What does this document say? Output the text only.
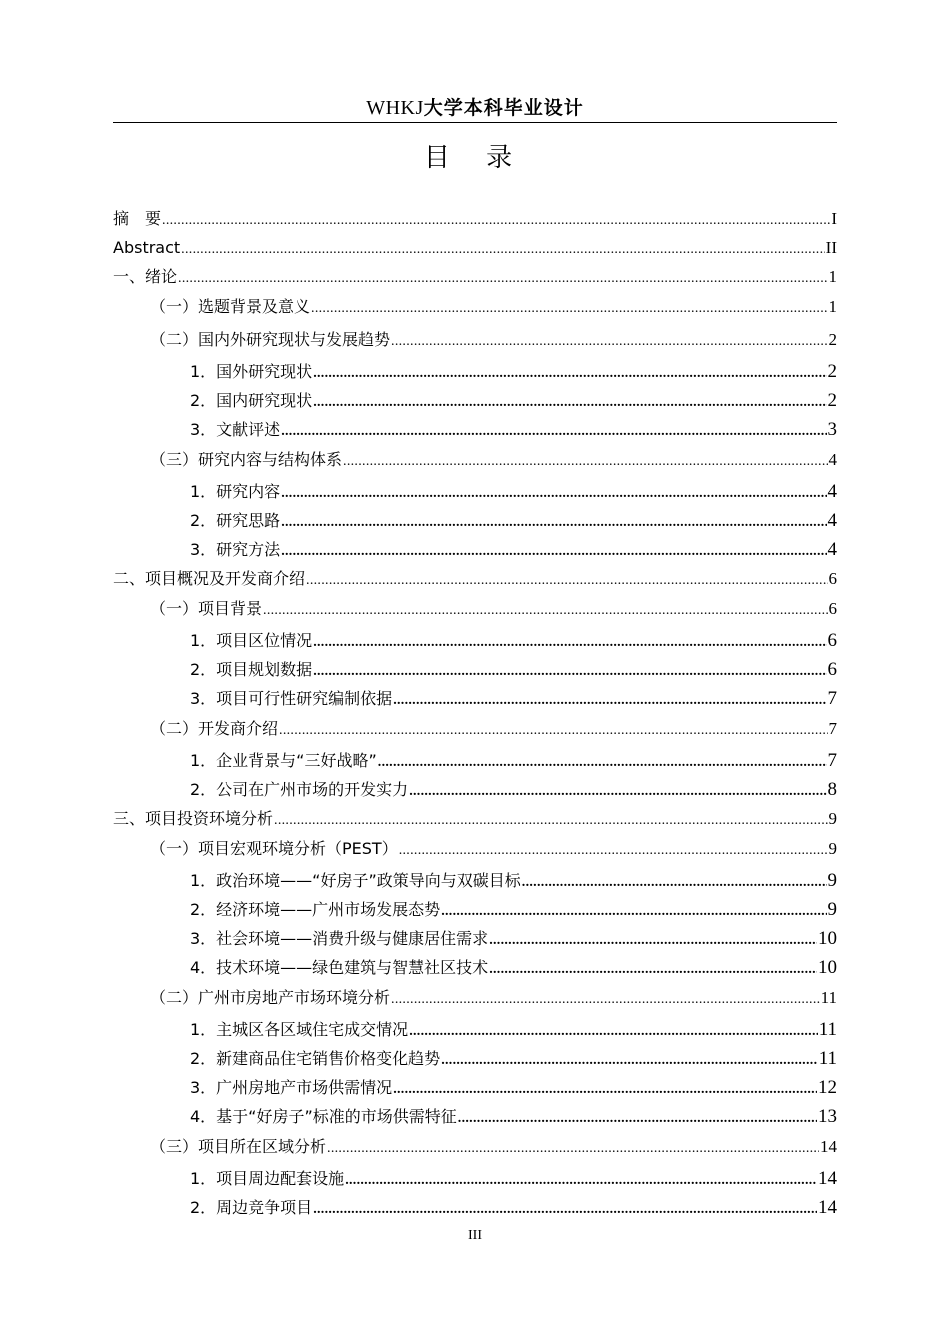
WHKJ大学本科毕业设计
目 录
摘　要 .....	I
Abstract .....	II
一、绪论 .....	1
（一）选题背景及意义 .....	1
（二）国内外研究现状与发展趋势 .....	2
1．国外研究现状 .....	2
2．国内研究现状 .....	2
3．文献评述 .....	3
（三）研究内容与结构体系 .....	4
1．研究内容 .....	4
2．研究思路 .....	4
3．研究方法 .....	4
二、项目概况及开发商介绍 .....	6
（一）项目背景 .....	6
1．项目区位情况 .....	6
2．项目规划数据 .....	6
3．项目可行性研究编制依据 .....	7
（二）开发商介绍 .....	7
1．企业背景与“三好战略” .....	7
2．公司在广州市场的开发实力 .....	8
三、项目投资环境分析 .....	9
（一）项目宏观环境分析（PEST） .....	9
1．政治环境——“好房子”政策导向与双碳目标 .....	9
2．经济环境——广州市场发展态势 .....	9
3．社会环境——消费升级与健康居住需求 .....	10
4．技术环境——绿色建筑与智慧社区技术 .....	10
（二）广州市房地产市场环境分析 .....	11
1．主城区各区域住宅成交情况 .....	11
2．新建商品住宅销售价格变化趋势 .....	11
3．广州房地产市场供需情况 .....	12
4．基于“好房子”标准的市场供需特征 .....	13
（三）项目所在区域分析 .....	14
1．项目周边配套设施 .....	14
2．周边竞争项目 .....	14
III
